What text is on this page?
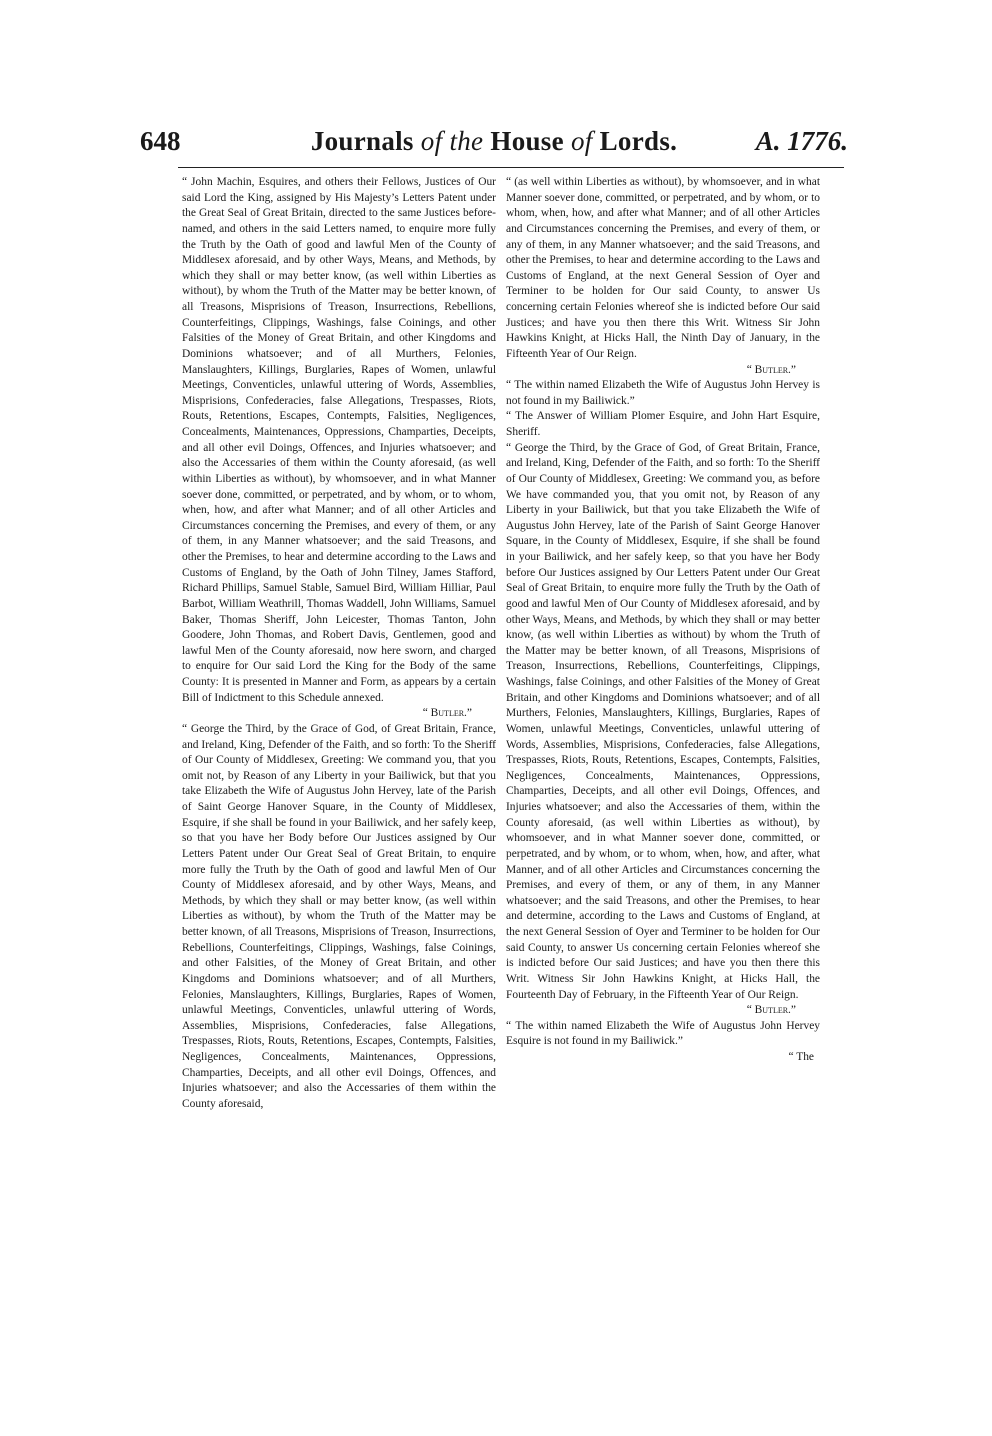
648	Journals of the House of Lords.	A. 1776.

“ John Machin, Esquires, and others their Fellows, Justices of Our said Lord the King, assigned by His Majesty’s Letters Patent under the Great Seal of Great Britain, directed to the same Justices before-named, and others in the said Letters named, to enquire more fully the Truth by the Oath of good and lawful Men of the County of Middlesex aforesaid, and by other Ways, Means, and Methods, by which they shall or may better know, (as well within Liberties as without), by whom the Truth of the Matter may be better known, of all Treasons, Misprisions of Treason, Insurrections, Rebellions, Counterfeitings, Clippings, Washings, false Coinings, and other Falsities of the Money of Great Britain, and other Kingdoms and Dominions whatsoever; and of all Murthers, Felonies, Manslaughters, Killings, Burglaries, Rapes of Women, unlawful Meetings, Conventicles, unlawful uttering of Words, Assemblies, Misprisions, Confederacies, false Allegations, Trespasses, Riots, Routs, Retentions, Escapes, Contempts, Falsities, Negligences, Concealments, Maintenances, Oppressions, Champarties, Deceipts, and all other evil Doings, Offences, and Injuries whatsoever; and also the Accessaries of them within the County aforesaid, (as well within Liberties as without), by whomsoever, and in what Manner soever done, committed, or perpetrated, and by whom, or to whom, when, how, and after what Manner; and of all other Articles and Circumstances concerning the Premises, and every of them, or any of them, in any Manner whatsoever; and the said Treasons, and other the Premises, to hear and determine according to the Laws and Customs of England, by the Oath of John Tilney, James Stafford, Richard Phillips, Samuel Stable, Samuel Bird, William Hilliar, Paul Barbot, William Weathrill, Thomas Waddell, John Williams, Samuel Baker, Thomas Sheriff, John Leicester, Thomas Tanton, John Goodere, John Thomas, and Robert Davis, Gentlemen, good and lawful Men of the County aforesaid, now here sworn, and charged to enquire for Our said Lord the King for the Body of the same County: It is presented in Manner and Form, as appears by a certain Bill of Indictment to this Schedule annexed.

“ Butler.”

“ George the Third, by the Grace of God, of Great Britain, France, and Ireland, King, Defender of the Faith, and so forth: To the Sheriff of Our County of Middlesex, Greeting: We command you, that you omit not, by Reason of any Liberty in your Bailiwick, but that you take Elizabeth the Wife of Augustus John Hervey, late of the Parish of Saint George Hanover Square, in the County of Middlesex, Esquire, if she shall be found in your Bailiwick, and her safely keep, so that you have her Body before Our Justices assigned by Our Letters Patent under Our Great Seal of Great Britain, to enquire more fully the Truth by the Oath of good and lawful Men of Our County of Middlesex aforesaid, and by other Ways, Means, and Methods, by which they shall or may better know, (as well within Liberties as without), by whom the Truth of the Matter may be better known, of all Treasons, Misprisions of Treason, Insurrections, Rebellions, Counterfeitings, Clippings, Washings, false Coinings, and other Falsities, of the Money of Great Britain, and other Kingdoms and Dominions whatsoever; and of all Murthers, Felonies, Manslaughters, Killings, Burglaries, Rapes of Women, unlawful Meetings, Conventicles, unlawful uttering of Words, Assemblies, Misprisions, Confederacies, false Allegations, Trespasses, Riots, Routs, Retentions, Escapes, Contempts, Falsities, Negligences, Concealments, Maintenances, Oppressions, Champarties, Deceipts, and all other evil Doings, Offences, and Injuries whatsoever; and also the Accessaries of them within the County aforesaid,

“ (as well within Liberties as without), by whomsoever, and in what Manner soever done, committed, or perpetrated, and by whom, or to whom, when, how, and after what Manner; and of all other Articles and Circumstances concerning the Premises, and every of them, or any of them, in any Manner whatsoever; and the said Treasons, and other the Premises, to hear and determine according to the Laws and Customs of England, at the next General Session of Oyer and Terminer to be holden for Our said County, to answer Us concerning certain Felonies whereof she is indicted before Our said Justices; and have you then there this Writ. Witness Sir John Hawkins Knight, at Hicks Hall, the Ninth Day of January, in the Fifteenth Year of Our Reign.

“ Butler.”

“ The within named Elizabeth the Wife of Augustus John Hervey is not found in my Bailiwick.”

“ The Answer of William Plomer Esquire, and John Hart Esquire, Sheriff.

“ George the Third, by the Grace of God, of Great Britain, France, and Ireland, King, Defender of the Faith, and so forth: To the Sheriff of Our County of Middlesex, Greeting: We command you, as before We have commanded you, that you omit not, by Reason of any Liberty in your Bailiwick, but that you take Elizabeth the Wife of Augustus John Hervey, late of the Parish of Saint George Hanover Square, in the County of Middlesex, Esquire, if she shall be found in your Bailiwick, and her safely keep, so that you have her Body before Our Justices assigned by Our Letters Patent under Our Great Seal of Great Britain, to enquire more fully the Truth by the Oath of good and lawful Men of Our County of Middlesex aforesaid, and by other Ways, Means, and Methods, by which they shall or may better know, (as well within Liberties as without) by whom the Truth of the Matter may be better known, of all Treasons, Misprisions of Treason, Insurrections, Rebellions, Counterfeitings, Clippings, Washings, false Coinings, and other Falsities of the Money of Great Britain, and other Kingdoms and Dominions whatsoever; and of all Murthers, Felonies, Manslaughters, Killings, Burglaries, Rapes of Women, unlawful Meetings, Conventicles, unlawful uttering of Words, Assemblies, Misprisions, Confederacies, false Allegations, Trespasses, Riots, Routs, Retentions, Escapes, Contempts, Falsities, Negligences, Concealments, Maintenances, Oppressions, Champarties, Deceipts, and all other evil Doings, Offences, and Injuries whatsoever; and also the Accessaries of them, within the County aforesaid, (as well within Liberties as without), by whomsoever, and in what Manner soever done, committed, or perpetrated, and by whom, or to whom, when, how, and after, what Manner, and of all other Articles and Circumstances concerning the Premises, and every of them, or any of them, in any Manner whatsoever; and the said Treasons, and other the Premises, to hear and determine, according to the Laws and Customs of England, at the next General Session of Oyer and Terminer to be holden for Our said County, to answer Us concerning certain Felonies whereof she is indicted before Our said Justices; and have you then there this Writ. Witness Sir John Hawkins Knight, at Hicks Hall, the Fourteenth Day of February, in the Fifteenth Year of Our Reign.

“ Butler.”

“ The within named Elizabeth the Wife of Augustus John Hervey Esquire is not found in my Bailiwick.”

“ The
